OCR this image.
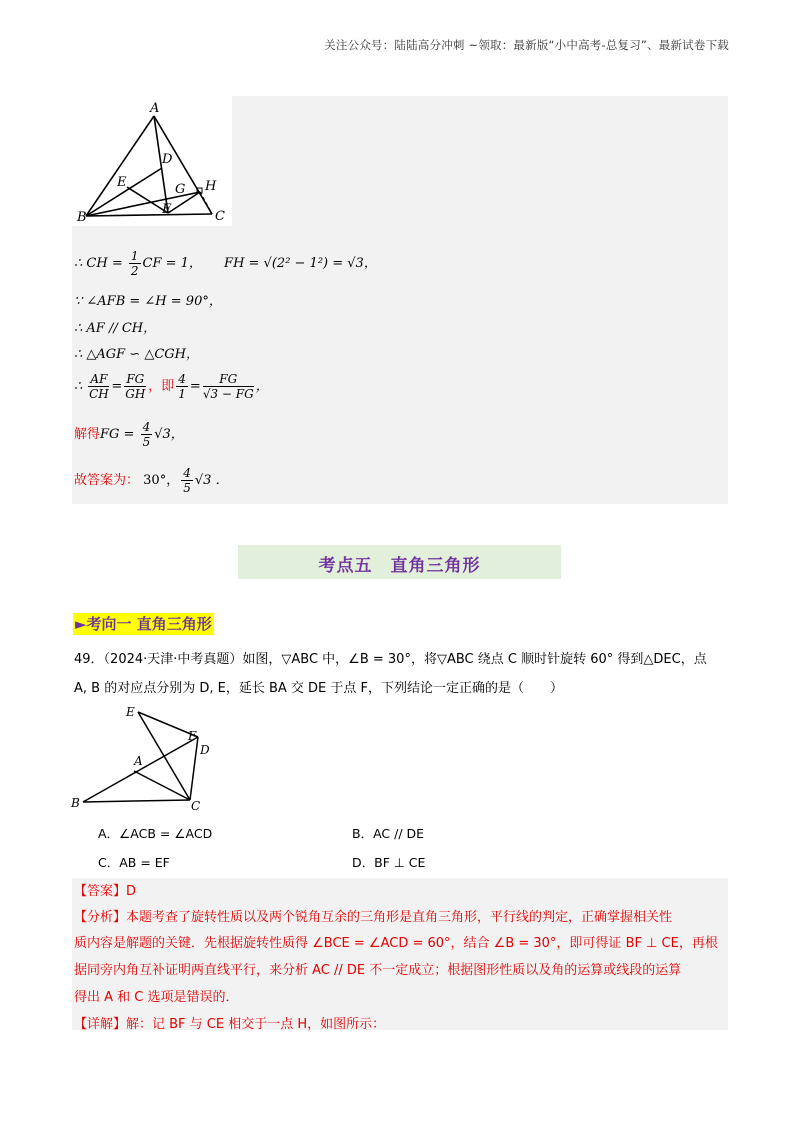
关注公众号：陆陆高分冲刺 ~领取：最新版“小中高考-总复习”、最新试卷下载
A
B	C
D
E
F
G H
∴ CH = $\frac{1}{2}$ CF = 1， FH = √(2² − 1²) = √3，
∵ ∠AFB = ∠H = 90°，
∴ AF // CH，
∴ △AGF ∽ △CGH，
∴ $\frac{AF}{CH} = \frac{FG}{GH}$ ，即 $\frac{4}{1} = \frac{FG}{√3 - FG}$ ，
解得FG = $\frac{4}{5} √3$，
故答案为： 30°， $\frac{4}{5} √3$ ．
考点五　直角三角形
►考向一 直角三角形
49．（2024·天津·中考真题）如图，▽ABC 中，∠B = 30°，将▽ABC 绕点 C 顺时针旋转 60° 得到△DEC，点
A, B 的对应点分别为 D, E，延长 BA 交 DE 于点 F，下列结论一定正确的是（　　）
E
F
D
A
B	C
A．∠ACB = ∠ACD	B．AC // DE
C．AB = EF	D．BF ⊥ CE
【答案】D
【分析】本题考查了旋转性质以及两个锐角互余的三角形是直角三角形，平行线的判定，正确掌握相关性
质内容是解题的关键．先根据旋转性质得 ∠BCE = ∠ACD = 60°，结合 ∠B = 30°，即可得证 BF ⊥ CE，再根
据同旁内角互补证明两直线平行，来分析 AC // DE 不一定成立；根据图形性质以及角的运算或线段的运算
得出 A 和 C 选项是错误的．
【详解】解：记 BF 与 CE 相交于一点 H，如图所示：
